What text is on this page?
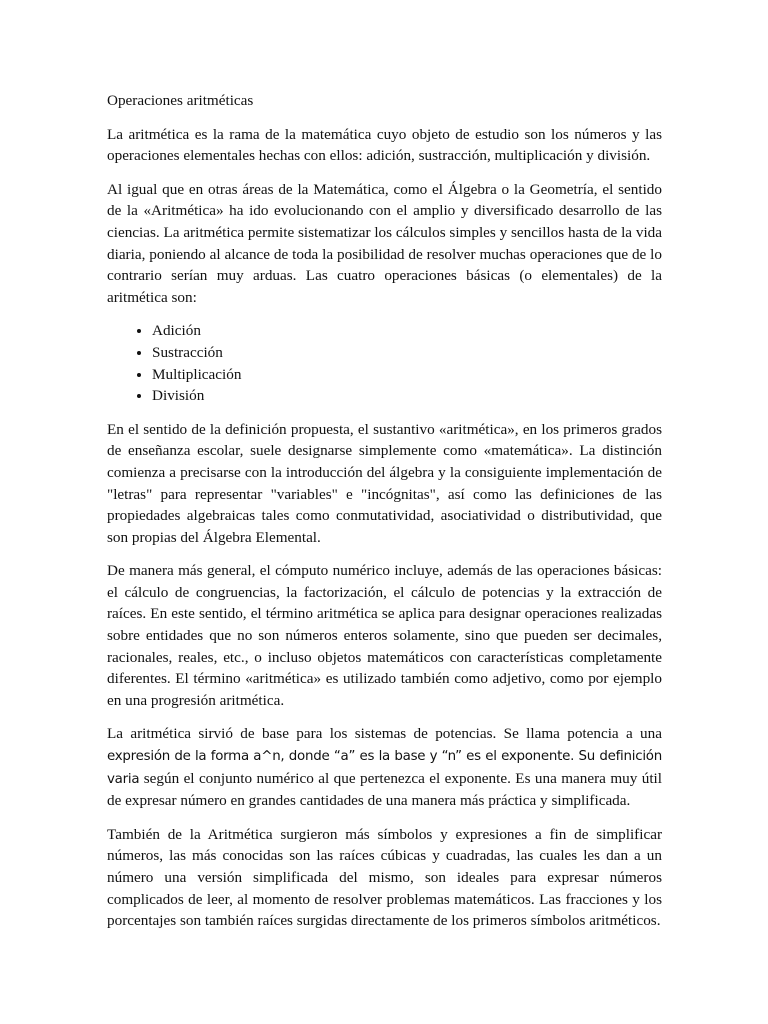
Operaciones aritméticas

La aritmética es la rama de la matemática cuyo objeto de estudio son los números y las operaciones elementales hechas con ellos: adición, sustracción, multiplicación y división.

Al igual que en otras áreas de la Matemática, como el Álgebra o la Geometría, el sentido de la «Aritmética» ha ido evolucionando con el amplio y diversificado desarrollo de las ciencias. La aritmética permite sistematizar los cálculos simples y sencillos hasta de la vida diaria, poniendo al alcance de toda la posibilidad de resolver muchas operaciones que de lo contrario serían muy arduas. Las cuatro operaciones básicas (o elementales) de la aritmética son:

• Adición
• Sustracción
• Multiplicación
• División

En el sentido de la definición propuesta, el sustantivo «aritmética», en los primeros grados de enseñanza escolar, suele designarse simplemente como «matemática». La distinción comienza a precisarse con la introducción del álgebra y la consiguiente implementación de "letras" para representar "variables" e "incógnitas", así como las definiciones de las propiedades algebraicas tales como conmutatividad, asociatividad o distributividad, que son propias del Álgebra Elemental.

De manera más general, el cómputo numérico incluye, además de las operaciones básicas: el cálculo de congruencias, la factorización, el cálculo de potencias y la extracción de raíces. En este sentido, el término aritmética se aplica para designar operaciones realizadas sobre entidades que no son números enteros solamente, sino que pueden ser decimales, racionales, reales, etc., o incluso objetos matemáticos con características completamente diferentes. El término «aritmética» es utilizado también como adjetivo, como por ejemplo en una progresión aritmética.

La aritmética sirvió de base para los sistemas de potencias. Se llama potencia a una expresión de la forma a^n, donde “a” es la base y “n” es el exponente. Su definición varia según el conjunto numérico al que pertenezca el exponente. Es una manera muy útil de expresar número en grandes cantidades de una manera más práctica y simplificada.

También de la Aritmética surgieron más símbolos y expresiones a fin de simplificar números, las más conocidas son las raíces cúbicas y cuadradas, las cuales les dan a un número una versión simplificada del mismo, son ideales para expresar números complicados de leer, al momento de resolver problemas matemáticos. Las fracciones y los porcentajes son también raíces surgidas directamente de los primeros símbolos aritméticos.
